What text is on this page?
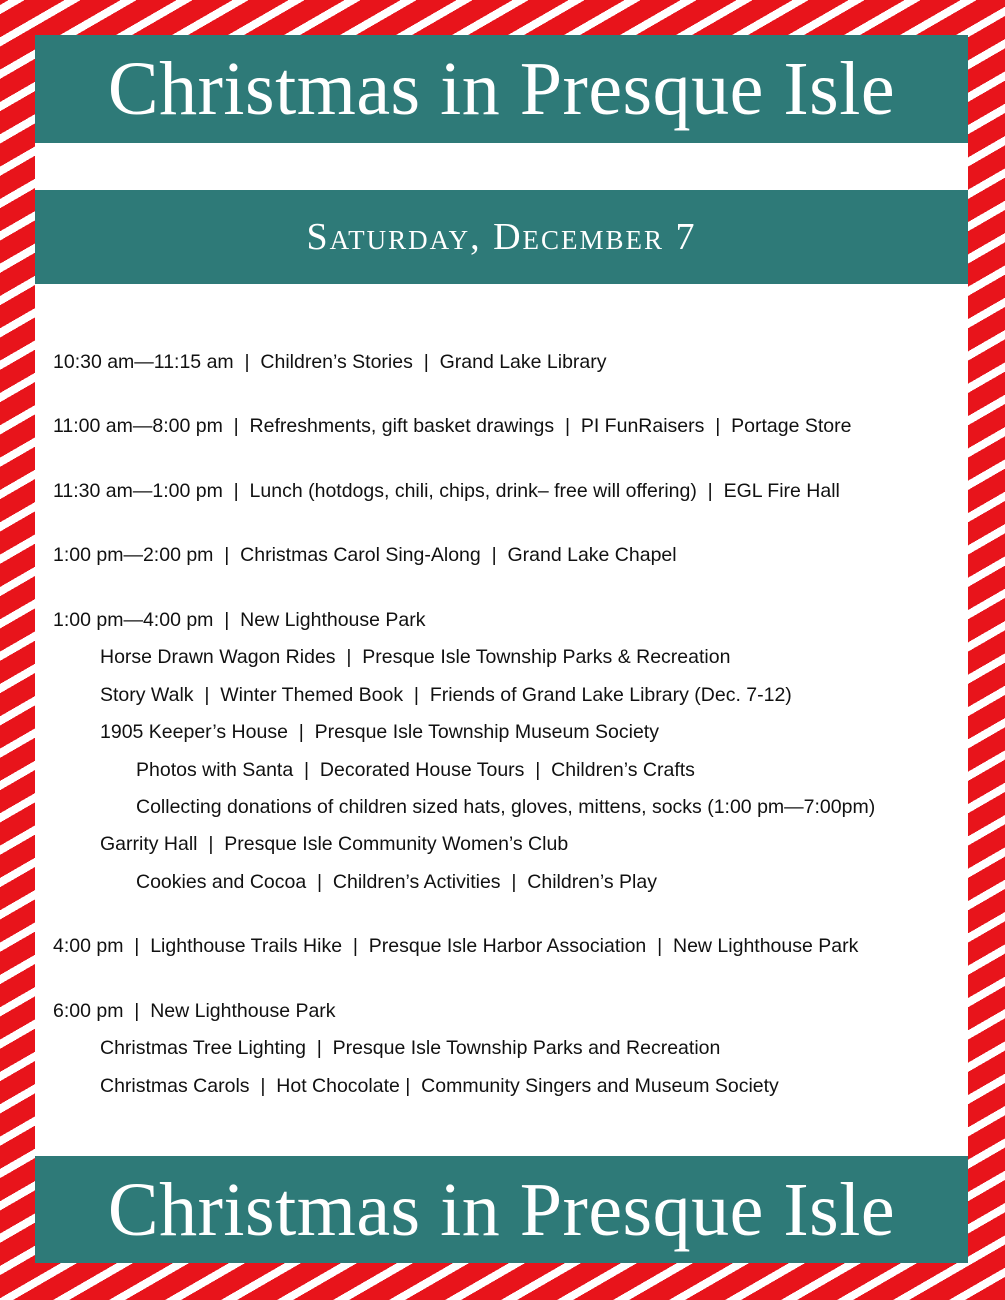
Christmas in Presque Isle
Saturday, December 7
10:30 am—11:15 am  |  Children’s Stories  |  Grand Lake Library
11:00 am—8:00 pm  |  Refreshments, gift basket drawings  |  PI FunRaisers  |  Portage Store
11:30 am—1:00 pm  |  Lunch (hotdogs, chili, chips, drink– free will offering)  |  EGL Fire Hall
1:00 pm—2:00 pm  |  Christmas Carol Sing-Along  |  Grand Lake Chapel
1:00 pm—4:00 pm  |  New Lighthouse Park
Horse Drawn Wagon Rides  |  Presque Isle Township Parks & Recreation
Story Walk  |  Winter Themed Book  |  Friends of Grand Lake Library (Dec. 7-12)
1905 Keeper’s House  |  Presque Isle Township Museum Society
Photos with Santa  |  Decorated House Tours  |  Children’s Crafts
Collecting donations of children sized hats, gloves, mittens, socks (1:00 pm—7:00pm)
Garrity Hall  |  Presque Isle Community Women’s Club
Cookies and Cocoa  |  Children’s Activities  |  Children’s Play
4:00 pm  |  Lighthouse Trails Hike  |  Presque Isle Harbor Association  |  New Lighthouse Park
6:00 pm  |  New Lighthouse Park
Christmas Tree Lighting  |  Presque Isle Township Parks and Recreation
Christmas Carols  |  Hot Chocolate |  Community Singers and Museum Society
Christmas in Presque Isle
